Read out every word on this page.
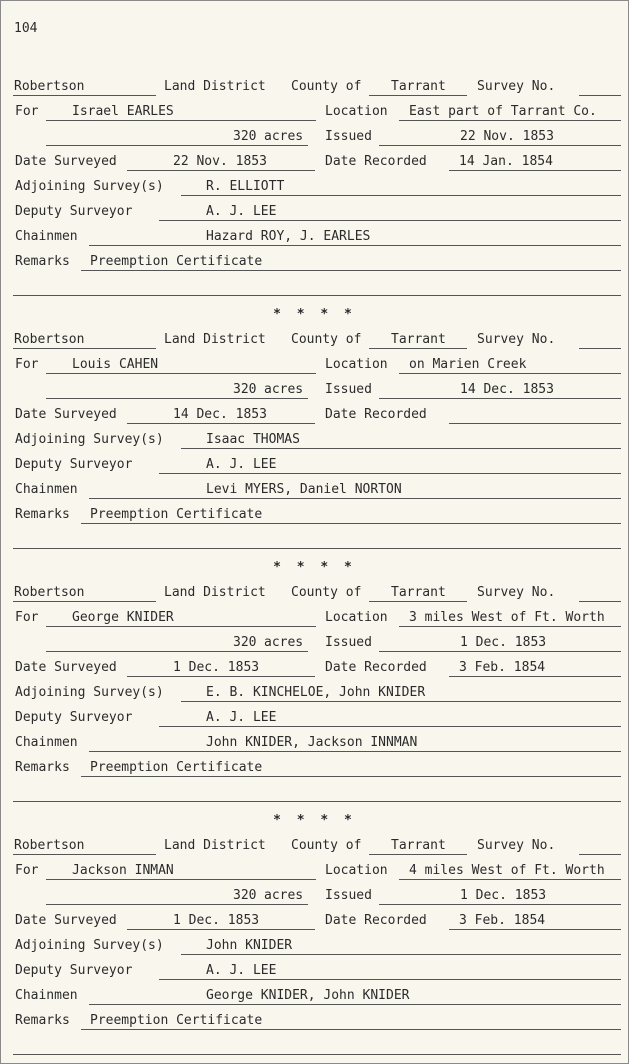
104
Robertson	Land District County of Tarrant Survey No.
For	Israel EARLES	Location East part of Tarrant Co.
320 acres Issued	22 Nov. 1853
Date Surveyed	22 Nov. 1853	Date Recorded 14 Jan. 1854
Adjoining Survey(s)	R. ELLIOTT
Deputy Surveyor	A. J. LEE
Chainmen	Hazard ROY, J. EARLES
Remarks Preemption Certificate
* * * *
Robertson	Land District County of Tarrant Survey No.
For	Louis CAHEN	Location on Marien Creek
320 acres Issued	14 Dec. 1853
Date Surveyed	14 Dec. 1853	Date Recorded
Adjoining Survey(s)	Isaac THOMAS
Deputy Surveyor	A. J. LEE
Chainmen	Levi MYERS, Daniel NORTON
Remarks Preemption Certificate
* * * *
Robertson	Land District County of Tarrant Survey No.
For	George KNIDER	Location 3 miles West of Ft. Worth
320 acres Issued	1 Dec. 1853
Date Surveyed	1 Dec. 1853	Date Recorded 3 Feb. 1854
Adjoining Survey(s)	E. B. KINCHELOE, John KNIDER
Deputy Surveyor	A. J. LEE
Chainmen	John KNIDER, Jackson INNMAN
Remarks Preemption Certificate
* * * *
Robertson	Land District County of Tarrant Survey No.
For	Jackson INMAN	Location 4 miles West of Ft. Worth
320 acres Issued	1 Dec. 1853
Date Surveyed	1 Dec. 1853	Date Recorded 3 Feb. 1854
Adjoining Survey(s)	John KNIDER
Deputy Surveyor	A. J. LEE
Chainmen	George KNIDER, John KNIDER
Remarks Preemption Certificate
